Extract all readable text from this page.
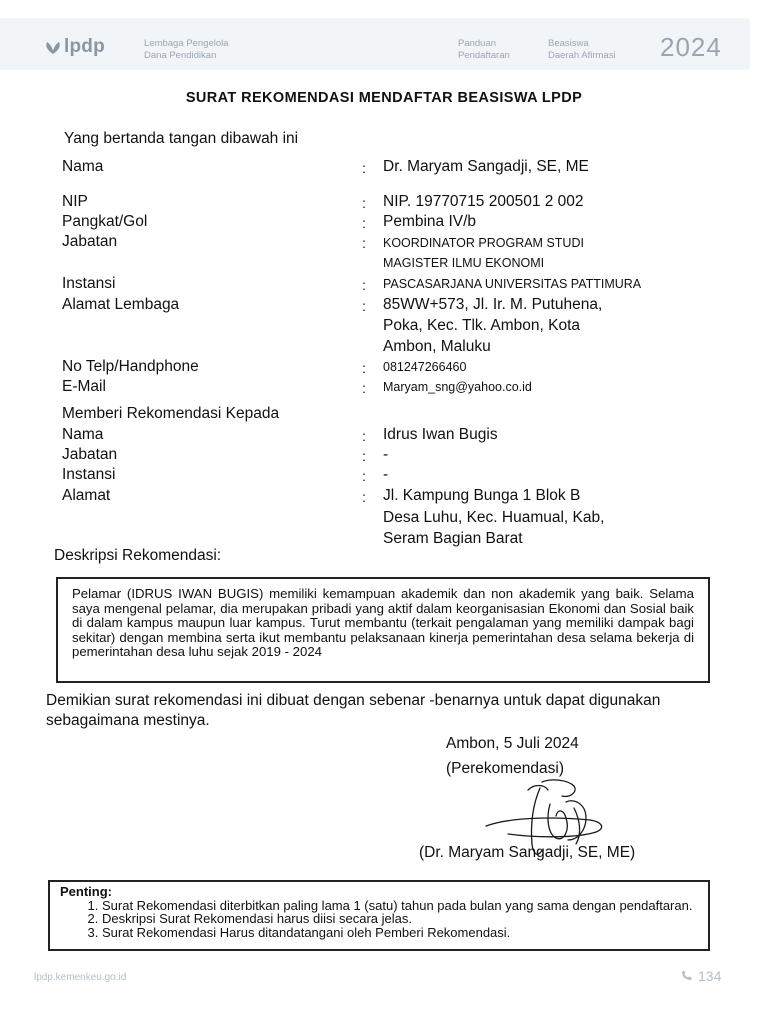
lpdp	Lembaga Pengelola
Dana Pendidikan
Panduan
Pendaftaran
Beasiswa
Daerah Afirmasi 2024
SURAT REKOMENDASI MENDAFTAR BEASISWA LPDP
Yang bertanda tangan dibawah ini
Nama	: Dr. Maryam Sangadji, SE, ME
NIP	: NIP. 19770715 200501 2 002
Pangkat/Gol	: Pembina IV/b
Jabatan	: KOORDINATOR PROGRAM STUDI
MAGISTER ILMU EKONOMI
Instansi	: PASCASARJANA UNIVERSITAS PATTIMURA
Alamat Lembaga	: 85WW+573, Jl. Ir. M. Putuhena,
Poka, Kec. Tlk. Ambon, Kota
Ambon, Maluku
No Telp/Handphone	: 081247266460
E-Mail	: Maryam_sng@yahoo.co.id
Memberi Rekomendasi Kepada
Nama	: Idrus Iwan Bugis
Jabatan	: -
Instansi	: -
Alamat	: Jl. Kampung Bunga 1 Blok B
Desa Luhu, Kec. Huamual, Kab,
Seram Bagian Barat
Deskripsi Rekomendasi:
Pelamar (IDRUS IWAN BUGIS) memiliki kemampuan akademik dan non akademik yang baik. Selama saya mengenal pelamar, dia merupakan pribadi yang aktif dalam keorganisasian Ekonomi dan Sosial baik di dalam kampus maupun luar kampus. Turut membantu (terkait pengalaman yang memiliki dampak bagi sekitar) dengan membina serta ikut membantu pelaksanaan kinerja pemerintahan desa selama bekerja di pemerintahan desa luhu sejak 2019 - 2024
Demikian surat rekomendasi ini dibuat dengan sebenar -benarnya untuk dapat digunakan sebagaimana mestinya.
Ambon, 5 Juli 2024
(Perekomendasi)
(Dr. Maryam Sangadji, SE, ME)
Penting:
1. Surat Rekomendasi diterbitkan paling lama 1 (satu) tahun pada bulan yang sama dengan pendaftaran.
2. Deskripsi Surat Rekomendasi harus diisi secara jelas.
3. Surat Rekomendasi Harus ditandatangani oleh Pemberi Rekomendasi.
lpdp.kemenkeu.go.id	134
